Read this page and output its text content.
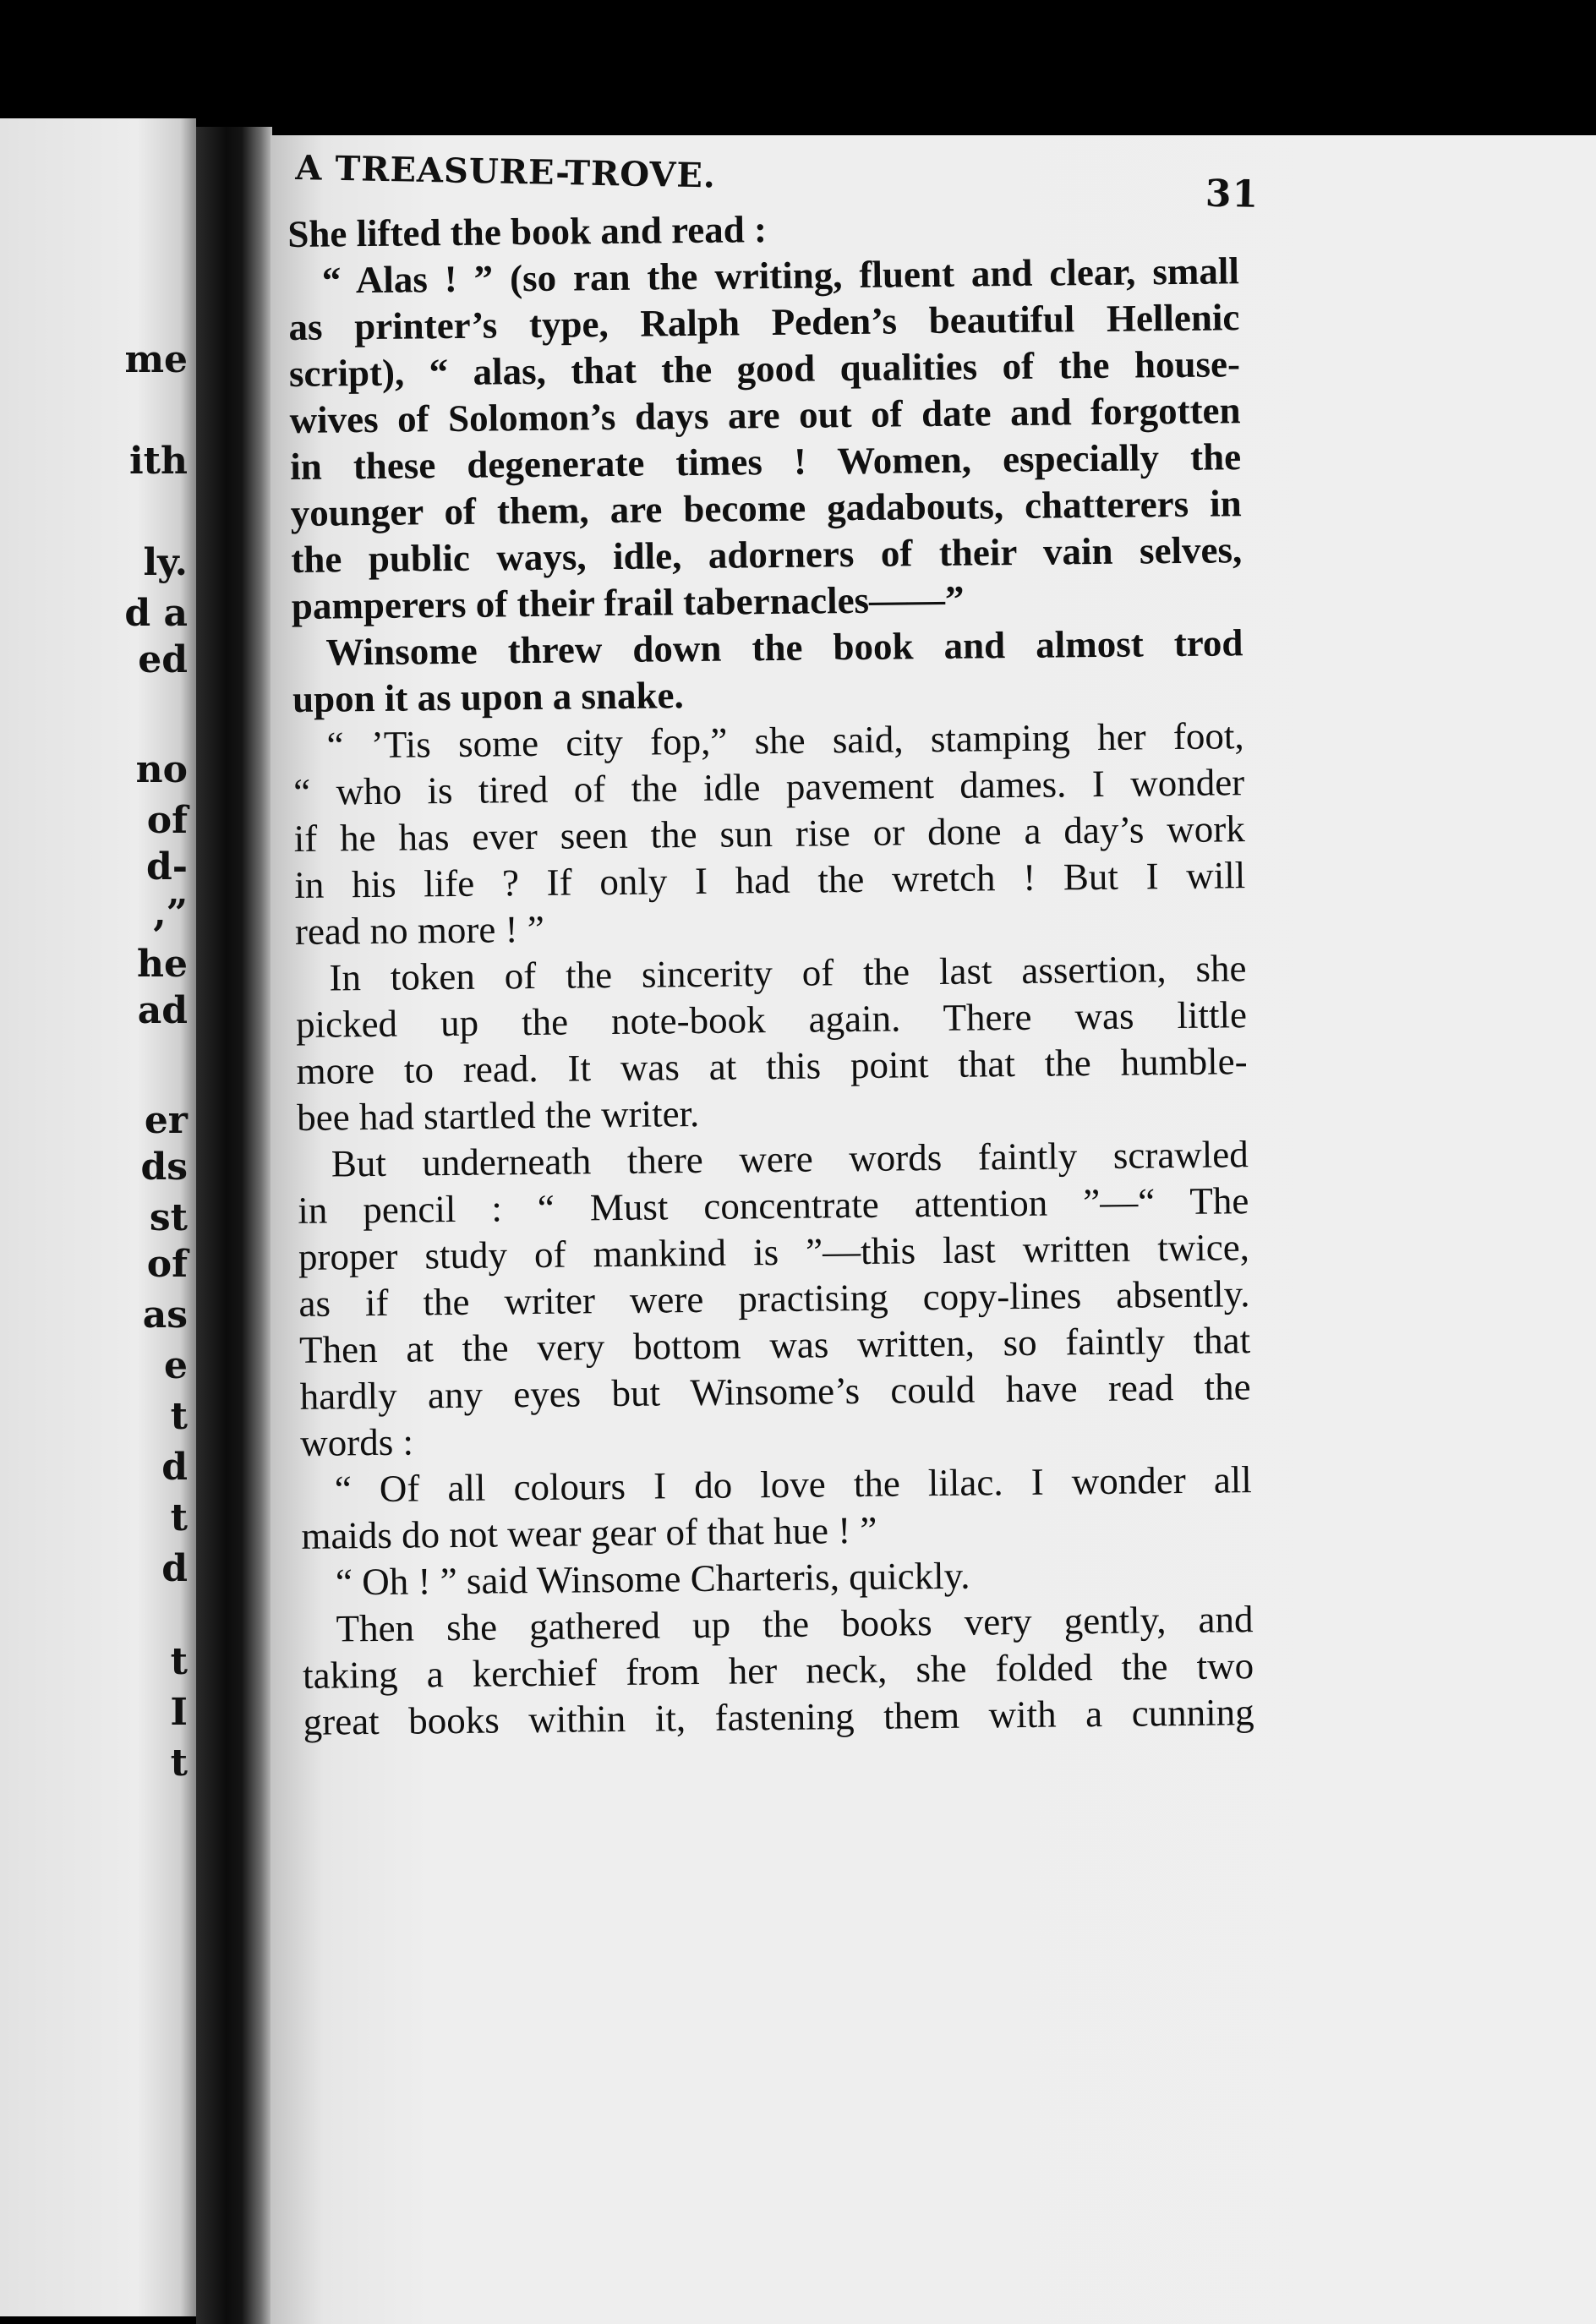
me
ith
ly.
d a
ed
no
of
d-
,”
he
ad
er
ds
st
of
as
e
t
d
t
d
t
I
t
A TREASURE-TROVE.	31
She lifted the book and read :
“ Alas ! ” (so ran the writing, fluent and clear, small
as printer’s type, Ralph Peden’s beautiful Hellenic
script), “ alas, that the good qualities of the house-
wives of Solomon’s days are out of date and forgotten
in these degenerate times ! Women, especially the
younger of them, are become gadabouts, chatterers in
the public ways, idle, adorners of their vain selves,
pamperers of their frail tabernacles——”
Winsome threw down the book and almost trod
upon it as upon a snake.
“ ’Tis some city fop,” she said, stamping her foot,
“ who is tired of the idle pavement dames. I wonder
if he has ever seen the sun rise or done a day’s work
in his life ? If only I had the wretch ! But I will
read no more ! ”
In token of the sincerity of the last assertion, she
picked up the note-book again. There was little
more to read. It was at this point that the humble-
bee had startled the writer.
But underneath there were words faintly scrawled
in pencil : “ Must concentrate attention ”—“ The
proper study of mankind is ”—this last written twice,
as if the writer were practising copy-lines absently.
Then at the very bottom was written, so faintly that
hardly any eyes but Winsome’s could have read the
words :
“ Of all colours I do love the lilac. I wonder all
maids do not wear gear of that hue ! ”
“ Oh ! ” said Winsome Charteris, quickly.
Then she gathered up the books very gently, and
taking a kerchief from her neck, she folded the two
great books within it, fastening them with a cunning
